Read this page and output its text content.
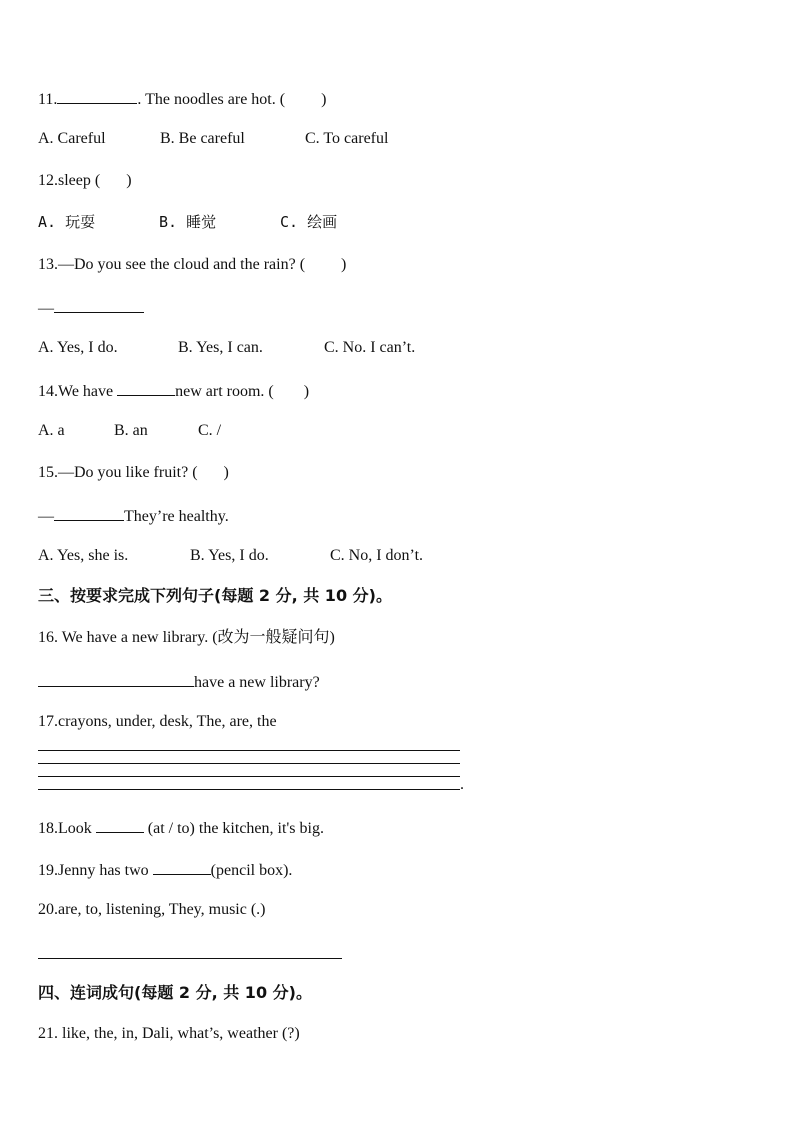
11.	. The noodles are hot. ( )
A. Careful	B. Be careful	C. To careful
12.sleep ( )
A. 玩耍	B. 睡觉	C. 绘画
13.—Do you see the cloud and the rain? ( )
—
A. Yes, I do.	B. Yes, I can.	C. No. I can’t.
14.We have	new art room. ( )
A. a	B. an	C. /
15.—Do you like fruit? ( )
—	They’re healthy.
A. Yes, she is.	B. Yes, I do.	C. No, I don’t.
三、按要求完成下列句子(每题 2 分, 共 10 分)。
16. We have a new library. (改为一般疑问句)
have a new library?
17.crayons, under, desk, The, are, the
.
18.Look	(at / to) the kitchen, it's big.
19.Jenny has two	(pencil box).
20.are, to, listening, They, music (.)
四、连词成句(每题 2 分, 共 10 分)。
21. like, the, in, Dali, what’s, weather (?)
